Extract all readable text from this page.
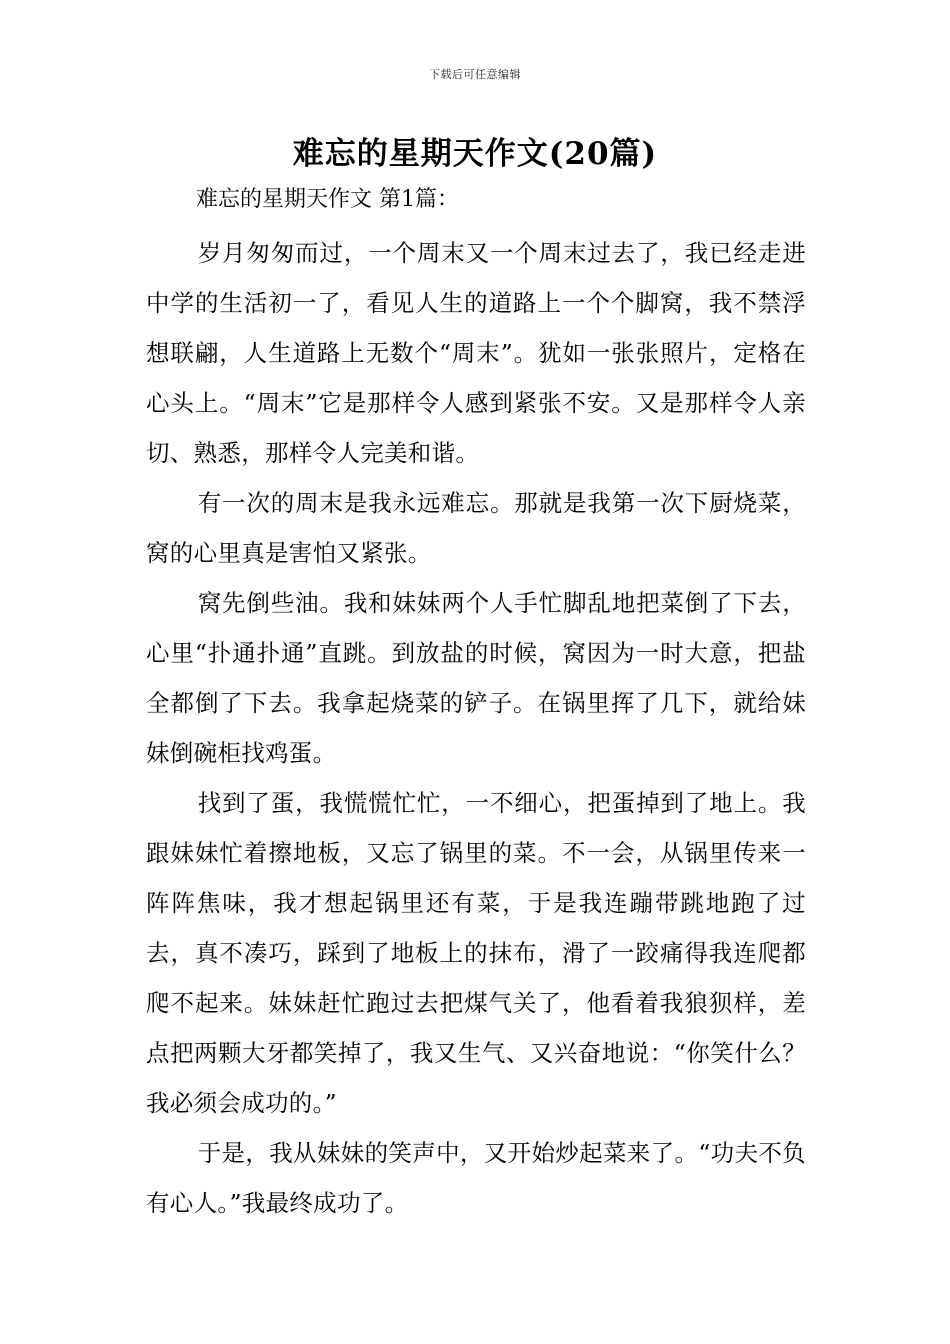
下载后可任意编辑
难忘的星期天作文(20篇)
难忘的星期天作文 第1篇：

岁月匆匆而过，一个周末又一个周末过去了，我已经走进中学的生活初一了，看见人生的道路上一个个脚窝，我不禁浮想联翩，人生道路上无数个“周末”。犹如一张张照片，定格在心头上。“周末”它是那样令人感到紧张不安。又是那样令人亲切、熟悉，那样令人完美和谐。

有一次的周末是我永远难忘。那就是我第一次下厨烧菜，窝的心里真是害怕又紧张。

窝先倒些油。我和妹妹两个人手忙脚乱地把菜倒了下去，心里“扑通扑通”直跳。到放盐的时候，窝因为一时大意，把盐全都倒了下去。我拿起烧菜的铲子。在锅里挥了几下，就给妹妹倒碗柜找鸡蛋。

找到了蛋，我慌慌忙忙，一不细心，把蛋掉到了地上。我跟妹妹忙着擦地板，又忘了锅里的菜。不一会，从锅里传来一阵阵焦味，我才想起锅里还有菜，于是我连蹦带跳地跑了过去，真不凑巧，踩到了地板上的抹布，滑了一跤痛得我连爬都爬不起来。妹妹赶忙跑过去把煤气关了，他看着我狼狈样，差点把两颗大牙都笑掉了，我又生气、又兴奋地说：“你笑什么？我必须会成功的。”

于是，我从妹妹的笑声中，又开始炒起菜来了。“功夫不负有心人。”我最终成功了。
